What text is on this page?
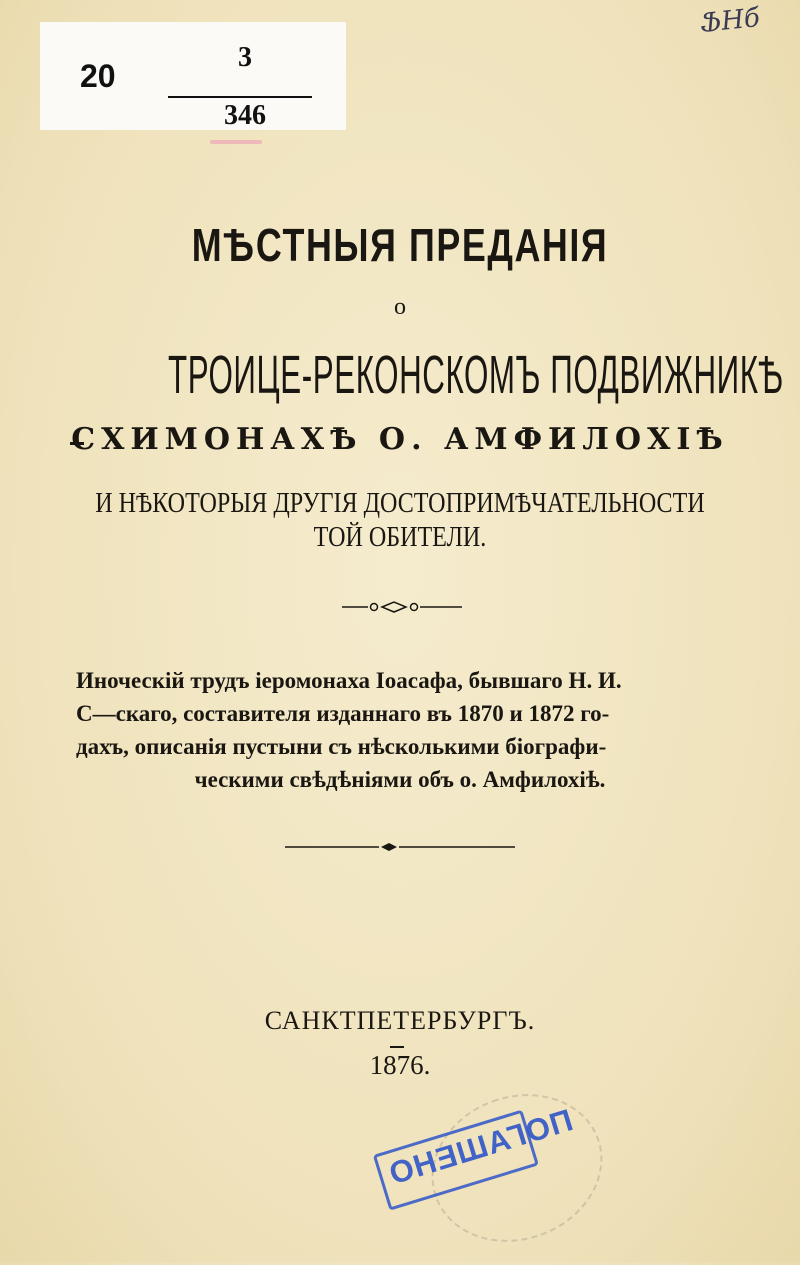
20
3
346
ՖHб
МѢСТНЫЯ ПРЕДАНІЯ
о
ТРОИЦЕ-РЕКОНСКОМЪ ПОДВИЖНИКѢ
СХИМОНАХѢ О. АМФИЛОХІѢ
И НѢКОТОРЫЯ ДРУГІЯ ДОСТОПРИМѢЧАТЕЛЬНОСТИ
ТОЙ ОБИТЕЛИ.
Иноческій трудъ іеромонаха Іоасафа, бывшаго Н. И.
С—скаго, составителя изданнаго въ 1870 и 1872 го-
дахъ, описанія пустыни съ нѣсколькими біографи-
ческими свѣдѣніями объ о. Амфилохіѣ.
САНКТПЕТЕРБУРГЪ.
1876.
ПОГАШЕНО
